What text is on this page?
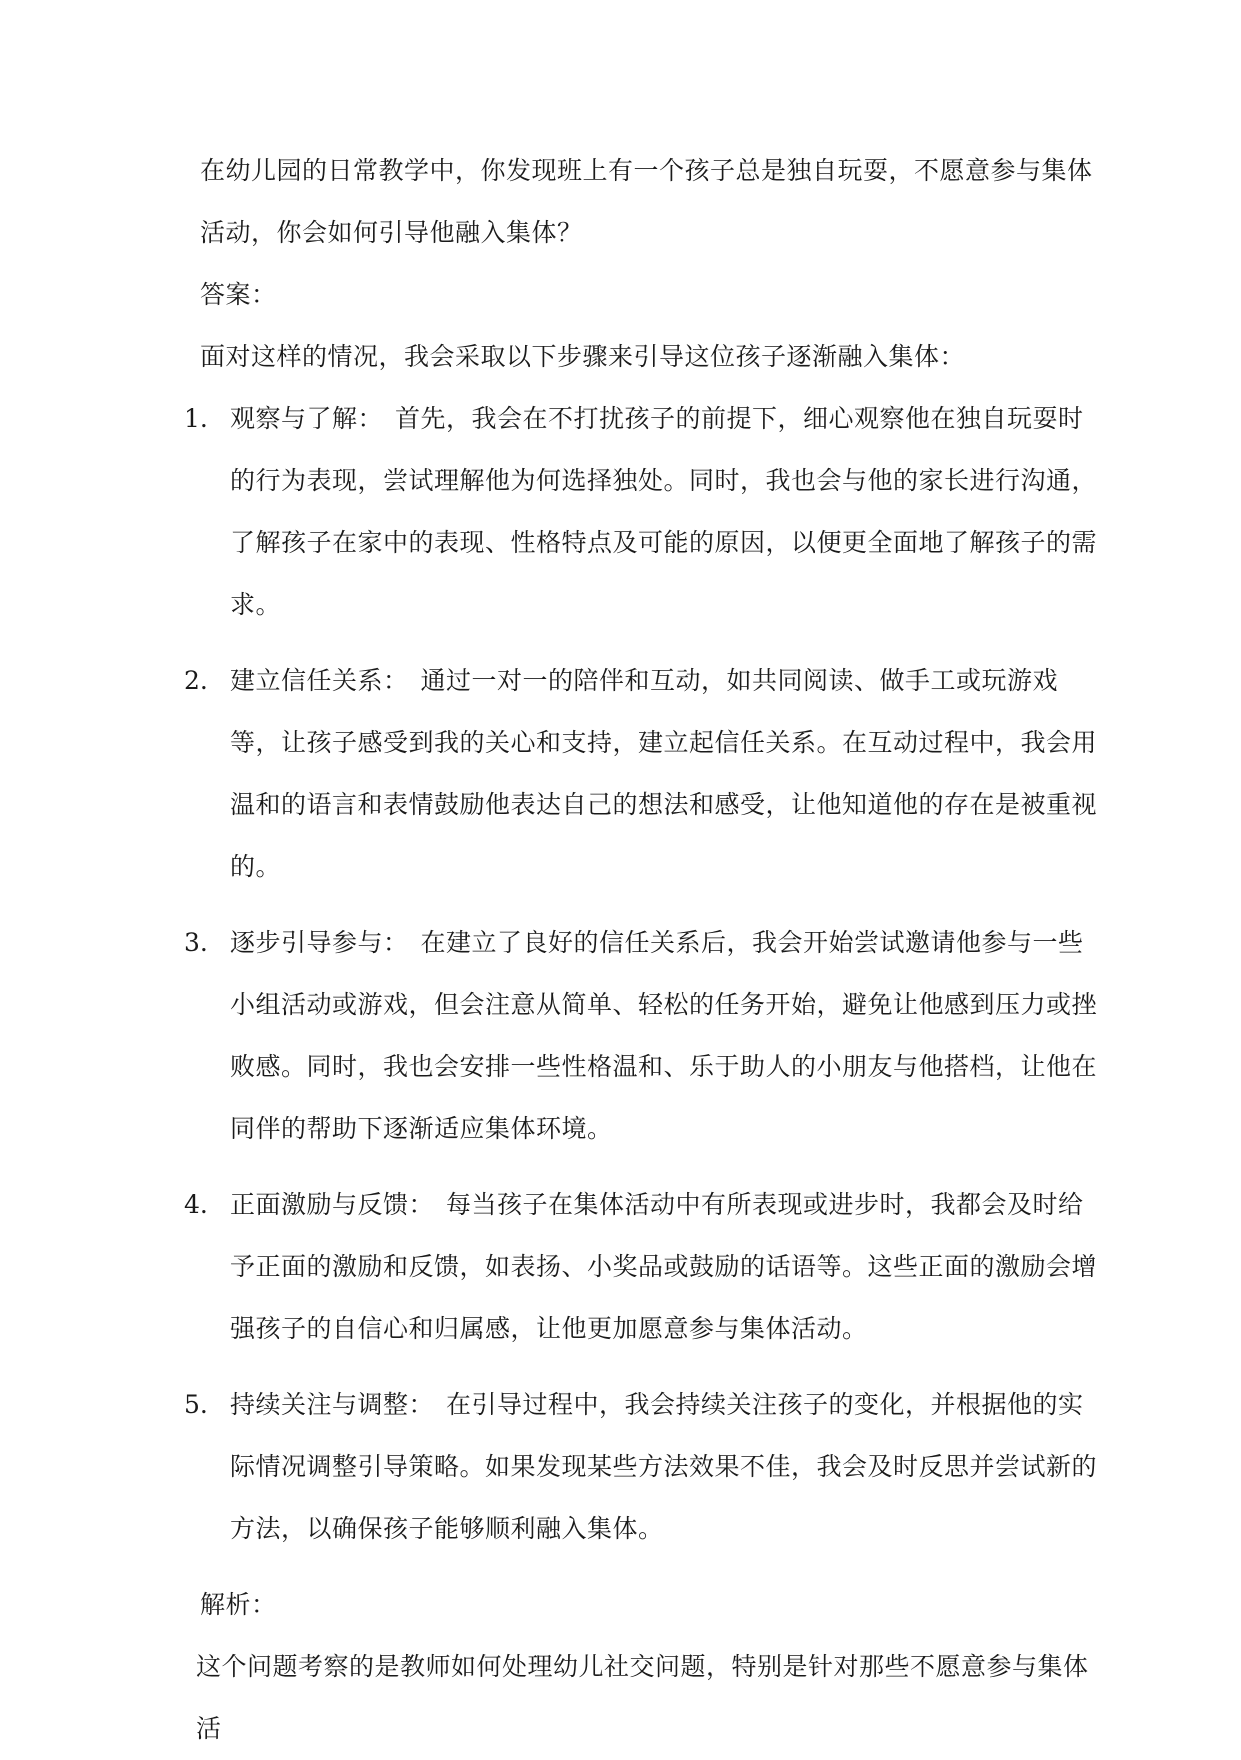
在幼儿园的日常教学中，你发现班上有一个孩子总是独自玩耍，不愿意参与集体活动，你会如何引导他融入集体？

答案：

面对这样的情况，我会采取以下步骤来引导这位孩子逐渐融入集体：

1. 观察与了解： 首先，我会在不打扰孩子的前提下，细心观察他在独自玩耍时的行为表现，尝试理解他为何选择独处。同时，我也会与他的家长进行沟通，了解孩子在家中的表现、性格特点及可能的原因，以便更全面地了解孩子的需求。

2. 建立信任关系： 通过一对一的陪伴和互动，如共同阅读、做手工或玩游戏等，让孩子感受到我的关心和支持，建立起信任关系。在互动过程中，我会用温和的语言和表情鼓励他表达自己的想法和感受，让他知道他的存在是被重视的。

3. 逐步引导参与： 在建立了良好的信任关系后，我会开始尝试邀请他参与一些小组活动或游戏，但会注意从简单、轻松的任务开始，避免让他感到压力或挫败感。同时，我也会安排一些性格温和、乐于助人的小朋友与他搭档，让他在同伴的帮助下逐渐适应集体环境。

4. 正面激励与反馈： 每当孩子在集体活动中有所表现或进步时，我都会及时给予正面的激励和反馈，如表扬、小奖品或鼓励的话语等。这些正面的激励会增强孩子的自信心和归属感，让他更加愿意参与集体活动。

5. 持续关注与调整： 在引导过程中，我会持续关注孩子的变化，并根据他的实际情况调整引导策略。如果发现某些方法效果不佳，我会及时反思并尝试新的方法，以确保孩子能够顺利融入集体。

解析：

这个问题考察的是教师如何处理幼儿社交问题，特别是针对那些不愿意参与集体活
